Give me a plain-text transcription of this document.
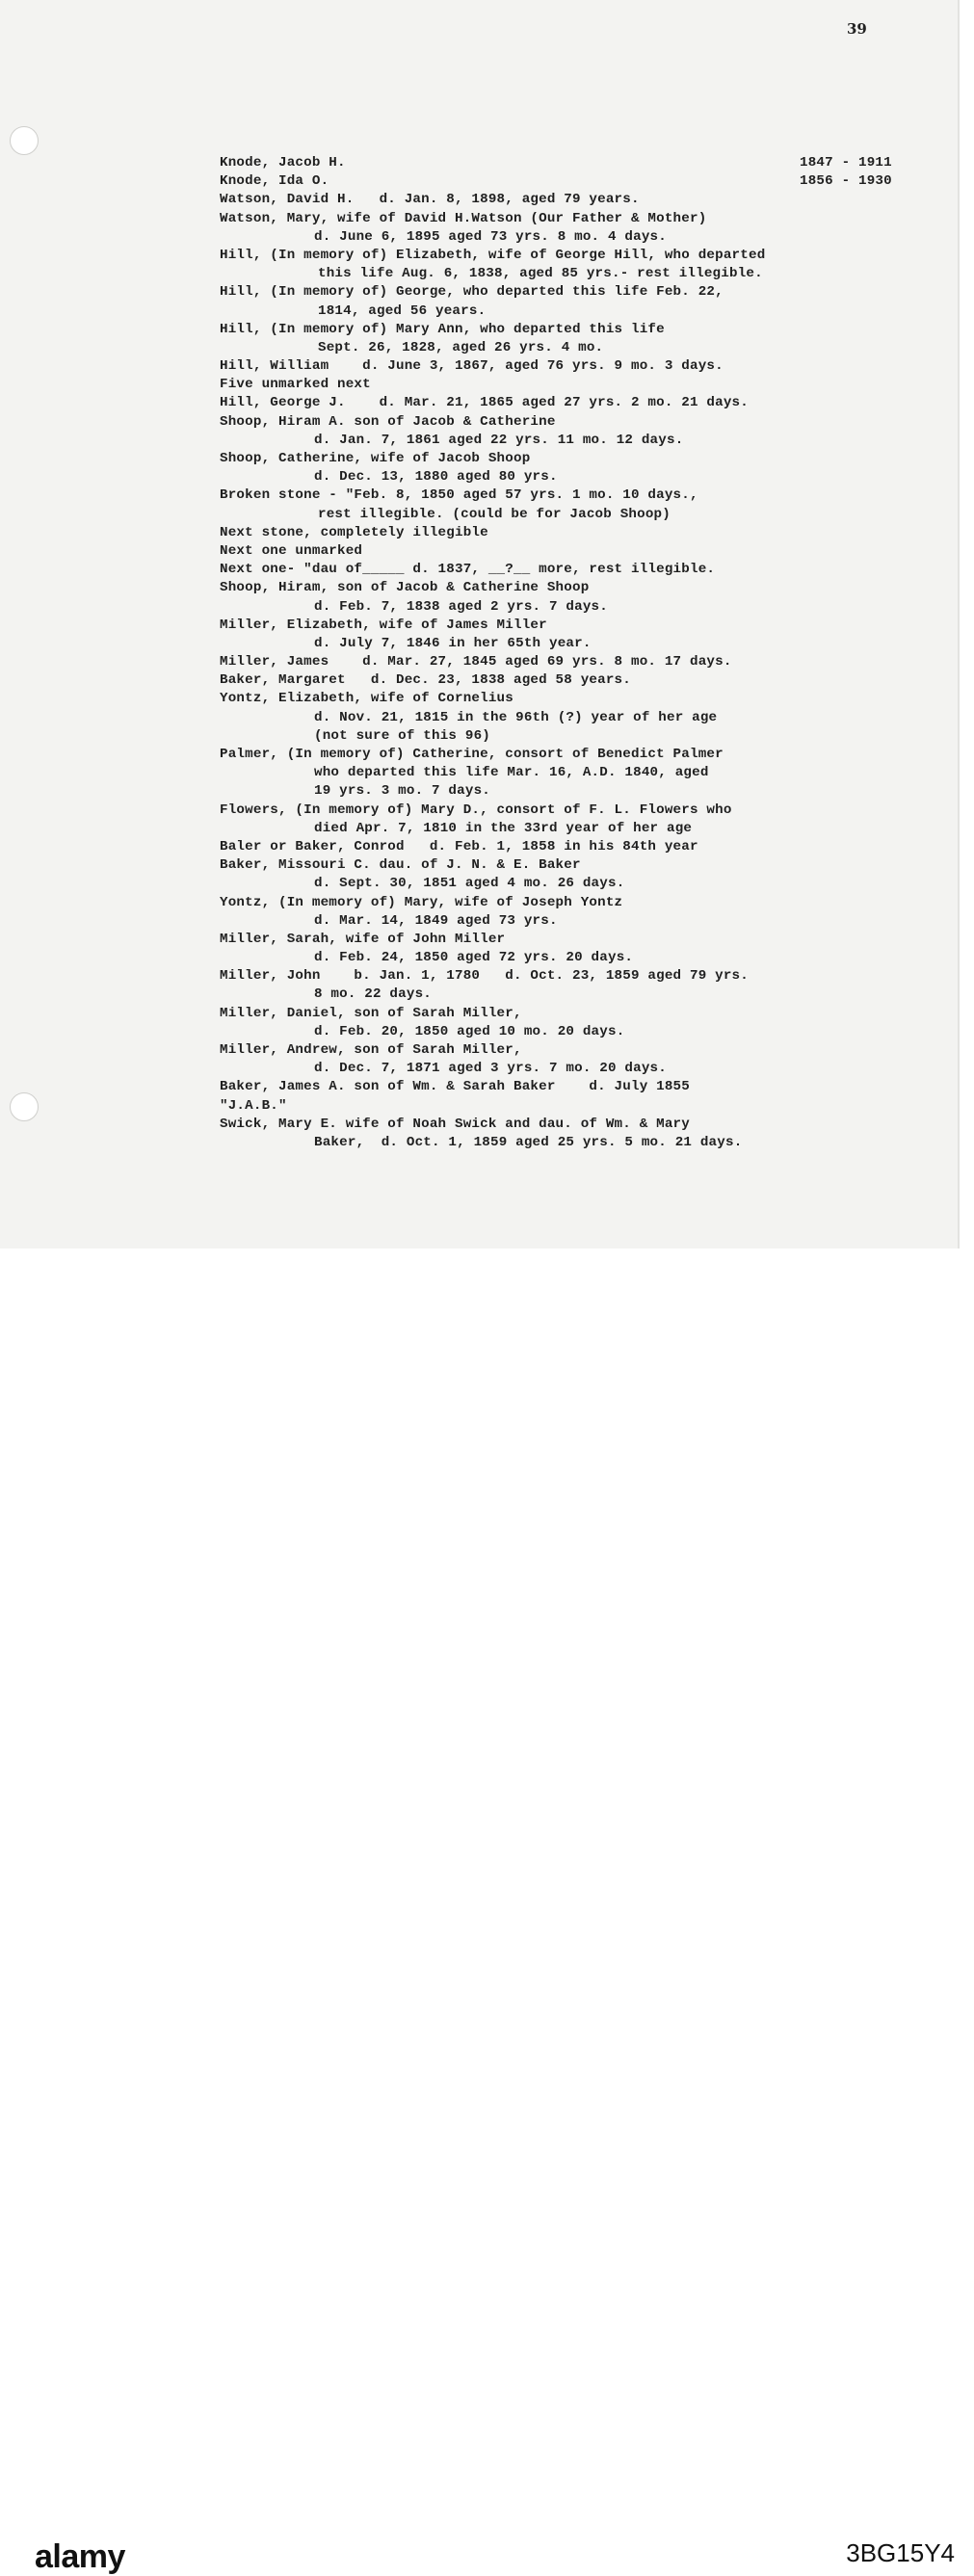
39
Knode, Jacob H.	1847 - 1911
Knode, Ida O.	1856 - 1930
Watson, David H.   d. Jan. 8, 1898, aged 79 years.
Watson, Mary, wife of David H.Watson (Our Father & Mother)
d. June 6, 1895 aged 73 yrs. 8 mo. 4 days.
Hill, (In memory of) Elizabeth, wife of George Hill, who departed
this life Aug. 6, 1838, aged 85 yrs.- rest illegible.
Hill, (In memory of) George, who departed this life Feb. 22,
1814, aged 56 years.
Hill, (In memory of) Mary Ann, who departed this life
Sept. 26, 1828, aged 26 yrs. 4 mo.
Hill, William    d. June 3, 1867, aged 76 yrs. 9 mo. 3 days.
Five unmarked next
Hill, George J.    d. Mar. 21, 1865 aged 27 yrs. 2 mo. 21 days.
Shoop, Hiram A. son of Jacob & Catherine
d. Jan. 7, 1861 aged 22 yrs. 11 mo. 12 days.
Shoop, Catherine, wife of Jacob Shoop
d. Dec. 13, 1880 aged 80 yrs.
Broken stone - "Feb. 8, 1850 aged 57 yrs. 1 mo. 10 days.,
rest illegible. (could be for Jacob Shoop)
Next stone, completely illegible
Next one unmarked
Next one- "dau of_____ d. 1837, __?__ more, rest illegible.
Shoop, Hiram, son of Jacob & Catherine Shoop
d. Feb. 7, 1838 aged 2 yrs. 7 days.
Miller, Elizabeth, wife of James Miller
d. July 7, 1846 in her 65th year.
Miller, James    d. Mar. 27, 1845 aged 69 yrs. 8 mo. 17 days.
Baker, Margaret   d. Dec. 23, 1838 aged 58 years.
Yontz, Elizabeth, wife of Cornelius
d. Nov. 21, 1815 in the 96th (?) year of her age
(not sure of this 96)
Palmer, (In memory of) Catherine, consort of Benedict Palmer
who departed this life Mar. 16, A.D. 1840, aged
19 yrs. 3 mo. 7 days.
Flowers, (In memory of) Mary D., consort of F. L. Flowers who
died Apr. 7, 1810 in the 33rd year of her age
Baler or Baker, Conrod   d. Feb. 1, 1858 in his 84th year
Baker, Missouri C. dau. of J. N. & E. Baker
d. Sept. 30, 1851 aged 4 mo. 26 days.
Yontz, (In memory of) Mary, wife of Joseph Yontz
d. Mar. 14, 1849 aged 73 yrs.
Miller, Sarah, wife of John Miller
d. Feb. 24, 1850 aged 72 yrs. 20 days.
Miller, John    b. Jan. 1, 1780   d. Oct. 23, 1859 aged 79 yrs.
8 mo. 22 days.
Miller, Daniel, son of Sarah Miller,
d. Feb. 20, 1850 aged 10 mo. 20 days.
Miller, Andrew, son of Sarah Miller,
d. Dec. 7, 1871 aged 3 yrs. 7 mo. 20 days.
Baker, James A. son of Wm. & Sarah Baker    d. July 1855
"J.A.B."
Swick, Mary E. wife of Noah Swick and dau. of Wm. & Mary
Baker,  d. Oct. 1, 1859 aged 25 yrs. 5 mo. 21 days.
alamy	3BG15Y4
